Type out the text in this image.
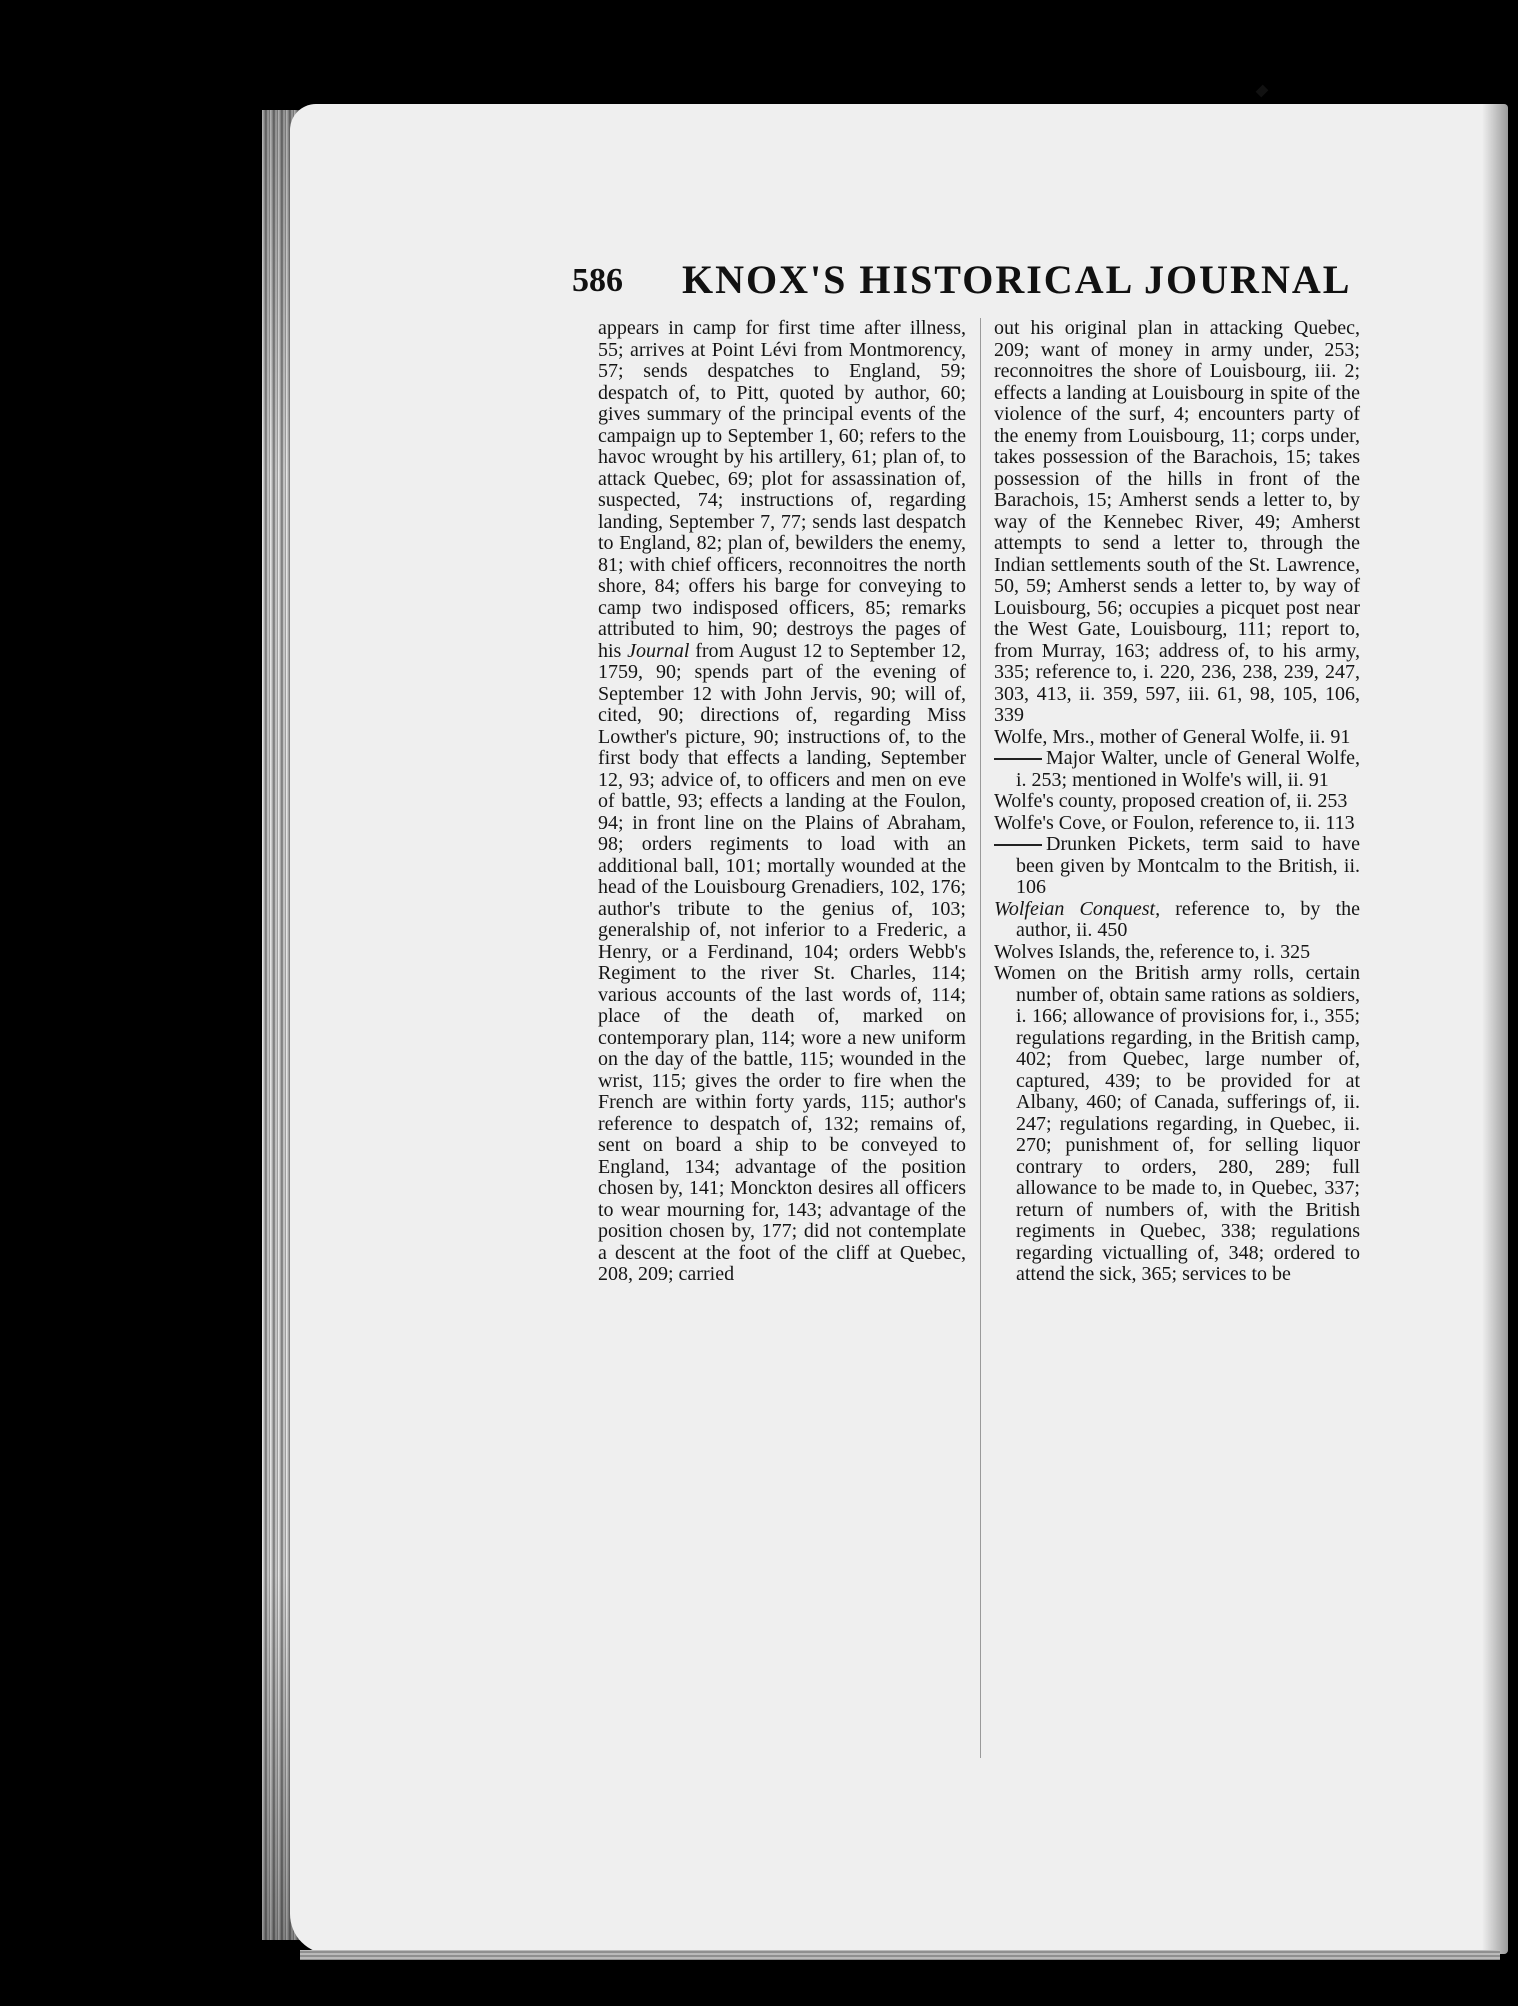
586 KNOX'S HISTORICAL JOURNAL
appears in camp for first time after illness, 55; arrives at Point Lévi from Montmorency, 57; sends despatches to England, 59; despatch of, to Pitt, quoted by author, 60; gives summary of the principal events of the campaign up to September 1, 60; refers to the havoc wrought by his artillery, 61; plan of, to attack Quebec, 69; plot for assassination of, suspected, 74; instructions of, regarding landing, September 7, 77; sends last despatch to England, 82; plan of, bewilders the enemy, 81; with chief officers, reconnoitres the north shore, 84; offers his barge for conveying to camp two indisposed officers, 85; remarks attributed to him, 90; destroys the pages of his Journal from August 12 to September 12, 1759, 90; spends part of the evening of September 12 with John Jervis, 90; will of, cited, 90; directions of, regarding Miss Lowther's picture, 90; instructions of, to the first body that effects a landing, September 12, 93; advice of, to officers and men on eve of battle, 93; effects a landing at the Foulon, 94; in front line on the Plains of Abraham, 98; orders regiments to load with an additional ball, 101; mortally wounded at the head of the Louisbourg Grenadiers, 102, 176; author's tribute to the genius of, 103; generalship of, not inferior to a Frederic, a Henry, or a Ferdinand, 104; orders Webb's Regiment to the river St. Charles, 114; various accounts of the last words of, 114; place of the death of, marked on contemporary plan, 114; wore a new uniform on the day of the battle, 115; wounded in the wrist, 115; gives the order to fire when the French are within forty yards, 115; author's reference to despatch of, 132; remains of, sent on board a ship to be conveyed to England, 134; advantage of the position chosen by, 141; Monckton desires all officers to wear mourning for, 143; advantage of the position chosen by, 177; did not contemplate a descent at the foot of the cliff at Quebec, 208, 209; carried
out his original plan in attacking Quebec, 209; want of money in army under, 253; reconnoitres the shore of Louisbourg, iii. 2; effects a landing at Louisbourg in spite of the violence of the surf, 4; encounters party of the enemy from Louisbourg, 11; corps under, takes possession of the Barachois, 15; takes possession of the hills in front of the Barachois, 15; Amherst sends a letter to, by way of the Kennebec River, 49; Amherst attempts to send a letter to, through the Indian settlements south of the St. Lawrence, 50, 59; Amherst sends a letter to, by way of Louisbourg, 56; occupies a picquet post near the West Gate, Louisbourg, 111; report to, from Murray, 163; address of, to his army, 335; reference to, i. 220, 236, 238, 239, 247, 303, 413, ii. 359, 597, iii. 61, 98, 105, 106, 339
Wolfe, Mrs., mother of General Wolfe, ii. 91
Major Walter, uncle of General Wolfe, i. 253; mentioned in Wolfe's will, ii. 91
Wolfe's county, proposed creation of, ii. 253
Wolfe's Cove, or Foulon, reference to, ii. 113
Drunken Pickets, term said to have been given by Montcalm to the British, ii. 106
Wolfeian Conquest, reference to, by the author, ii. 450
Wolves Islands, the, reference to, i. 325
Women on the British army rolls, certain number of, obtain same rations as soldiers, i. 166; allowance of provisions for, i., 355; regulations regarding, in the British camp, 402; from Quebec, large number of, captured, 439; to be provided for at Albany, 460; of Canada, sufferings of, ii. 247; regulations regarding, in Quebec, ii. 270; punishment of, for selling liquor contrary to orders, 280, 289; full allowance to be made to, in Quebec, 337; return of numbers of, with the British regiments in Quebec, 338; regulations regarding victualling of, 348; ordered to attend the sick, 365; services to be
